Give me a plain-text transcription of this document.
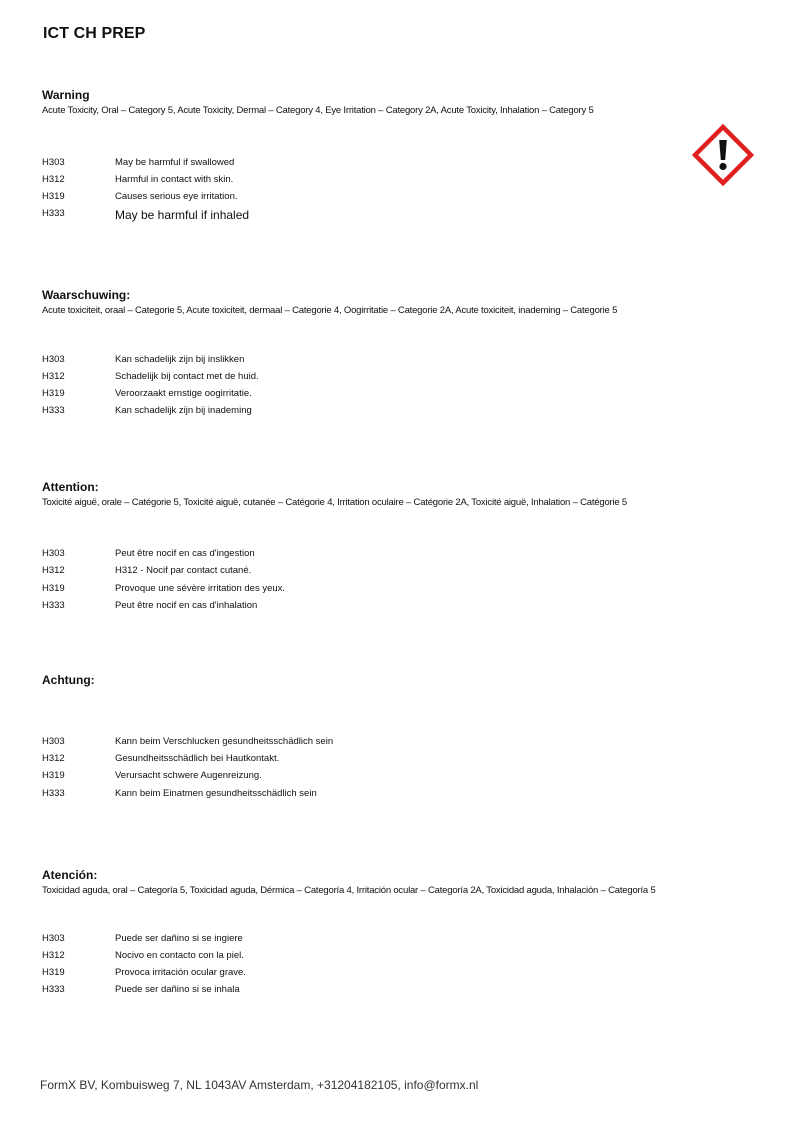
ICT CH PREP
Warning
Acute Toxicity, Oral – Category 5, Acute Toxicity, Dermal – Category 4, Eye Irritation – Category 2A, Acute Toxicity, Inhalation – Category 5
H303	May be harmful if swallowed
H312	Harmful in contact with skin.
H319	Causes serious eye irritation.
H333	May be harmful if inhaled
Waarschuwing:
Acute toxiciteit, oraal – Categorie 5, Acute toxiciteit, dermaal – Categorie 4, Oogirritatie – Categorie 2A, Acute toxiciteit, inademing – Categorie 5
H303	Kan schadelijk zijn bij inslikken
H312	Schadelijk bij contact met de huid.
H319	Veroorzaakt ernstige oogirritatie.
H333	Kan schadelijk zijn bij inademing
Attention:
Toxicité aiguë, orale – Catégorie 5, Toxicité aiguë, cutanée – Catégorie 4, Irritation oculaire – Catégorie 2A, Toxicité aiguë, Inhalation – Catégorie 5
H303	Peut être nocif en cas d'ingestion
H312	H312 - Nocif par contact cutané.
H319	Provoque une sévère irritation des yeux.
H333	Peut être nocif en cas d'inhalation
Achtung:
H303	Kann beim Verschlucken gesundheitsschädlich sein
H312	Gesundheitsschädlich bei Hautkontakt.
H319	Verursacht schwere Augenreizung.
H333	Kann beim Einatmen gesundheitsschädlich sein
Atención:
Toxicidad aguda, oral – Categoría 5, Toxicidad aguda, Dérmica – Categoría 4, Irritación ocular – Categoría 2A, Toxicidad aguda, Inhalación – Categoría 5
H303	Puede ser dañino si se ingiere
H312	Nocivo en contacto con la piel.
H319	Provoca irritación ocular grave.
H333	Puede ser dañino si se inhala
FormX BV, Kombuisweg 7, NL 1043AV Amsterdam, +31204182105, info@formx.nl
